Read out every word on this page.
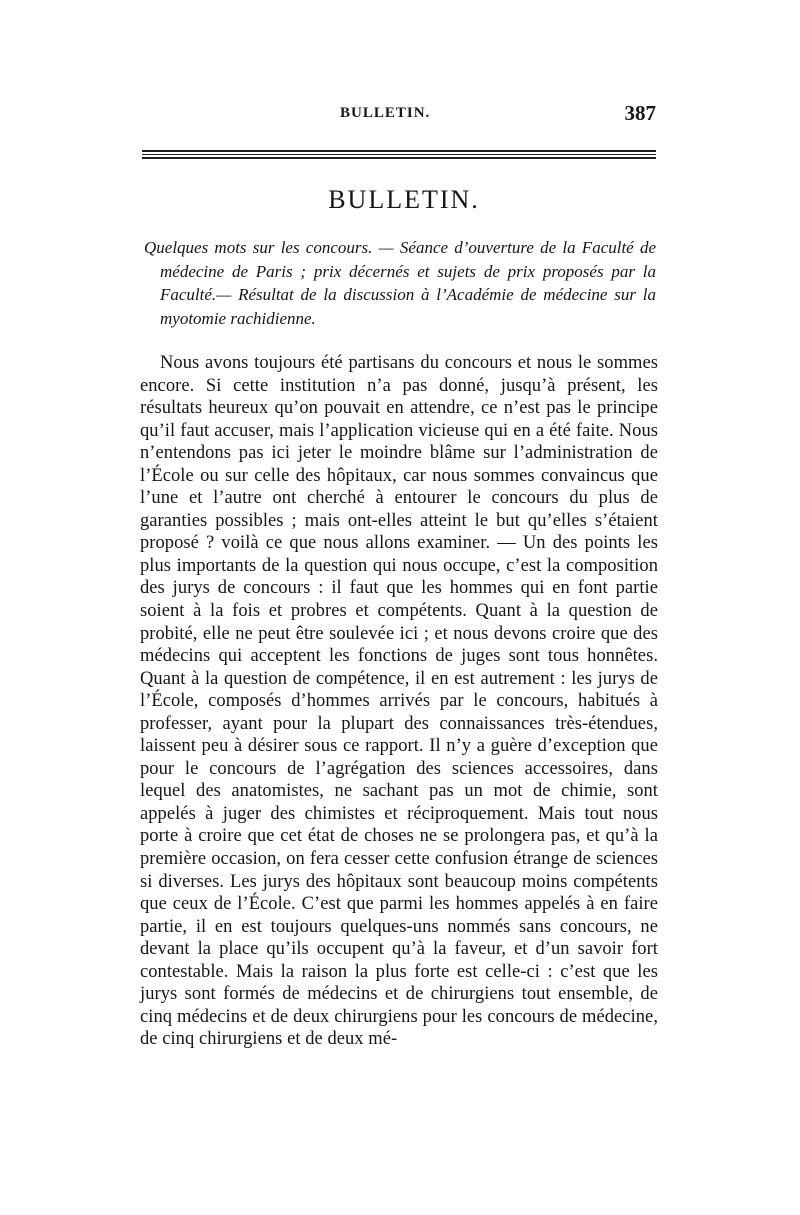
BULLETIN.	387
BULLETIN.
Quelques mots sur les concours. — Séance d’ouverture de la Faculté de médecine de Paris ; prix décernés et sujets de prix proposés par la Faculté.— Résultat de la discussion à l’Académie de médecine sur la myotomie rachidienne.
Nous avons toujours été partisans du concours et nous le sommes encore. Si cette institution n’a pas donné, jusqu’à présent, les résultats heureux qu’on pouvait en attendre, ce n’est pas le principe qu’il faut accuser, mais l’application vicieuse qui en a été faite. Nous n’entendons pas ici jeter le moindre blâme sur l’administration de l’École ou sur celle des hôpitaux, car nous sommes convaincus que l’une et l’autre ont cherché à entourer le concours du plus de garanties possibles ; mais ont-elles atteint le but qu’elles s’étaient proposé ? voilà ce que nous allons examiner. — Un des points les plus importants de la question qui nous occupe, c’est la composition des jurys de concours : il faut que les hommes qui en font partie soient à la fois et probres et compétents. Quant à la question de probité, elle ne peut être soulevée ici ; et nous devons croire que des médecins qui acceptent les fonctions de juges sont tous honnêtes. Quant à la question de compétence, il en est autrement : les jurys de l’École, composés d’hommes arrivés par le concours, habitués à professer, ayant pour la plupart des connaissances très-étendues, laissent peu à désirer sous ce rapport. Il n’y a guère d’exception que pour le concours de l’agrégation des sciences accessoires, dans lequel des anatomistes, ne sachant pas un mot de chimie, sont appelés à juger des chimistes et réciproquement. Mais tout nous porte à croire que cet état de choses ne se prolongera pas, et qu’à la première occasion, on fera cesser cette confusion étrange de sciences si diverses. Les jurys des hôpitaux sont beaucoup moins compétents que ceux de l’École. C’est que parmi les hommes appelés à en faire partie, il en est toujours quelques-uns nommés sans concours, ne devant la place qu’ils occupent qu’à la faveur, et d’un savoir fort contestable. Mais la raison la plus forte est celle-ci : c’est que les jurys sont formés de médecins et de chirurgiens tout ensemble, de cinq médecins et de deux chirurgiens pour les concours de médecine, de cinq chirurgiens et de deux mé-
